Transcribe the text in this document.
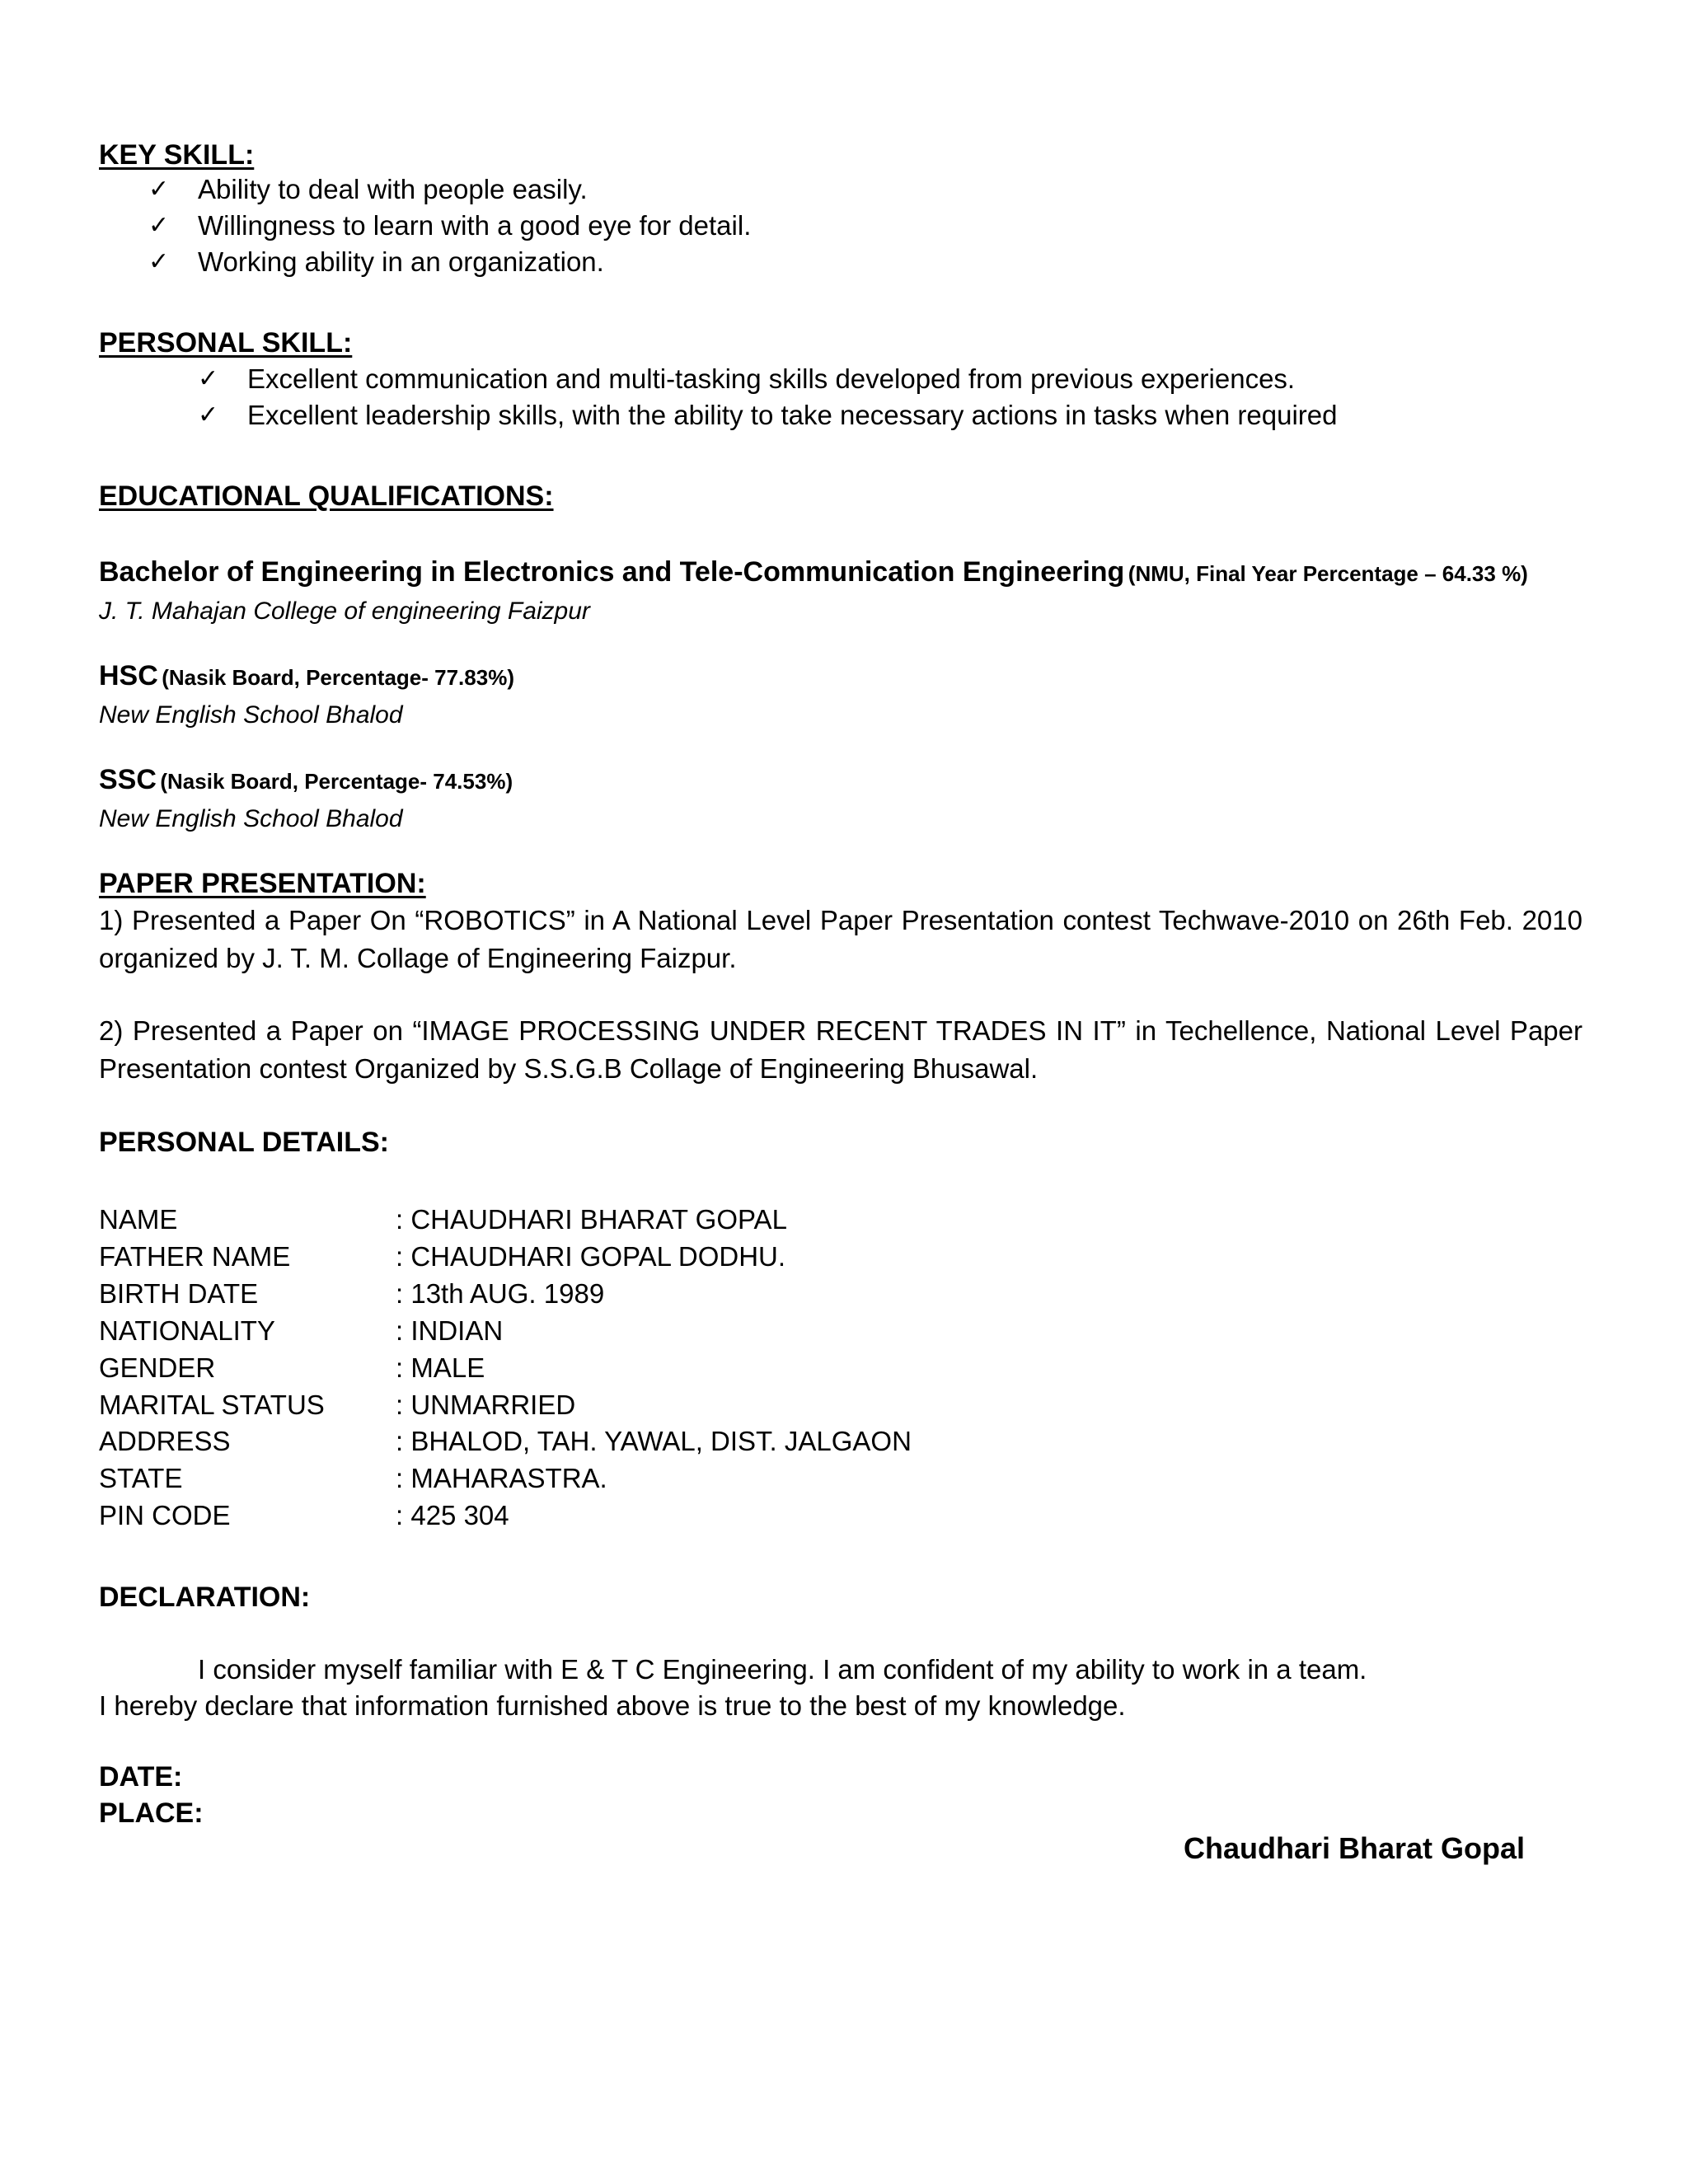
KEY SKILL:
✓ Ability to deal with people easily.
✓ Willingness to learn with a good eye for detail.
✓ Working ability in an organization.
PERSONAL SKILL:
✓ Excellent communication and multi-tasking skills developed from previous experiences.
✓ Excellent leadership skills, with the ability to take necessary actions in tasks when required
EDUCATIONAL QUALIFICATIONS:
Bachelor of Engineering in Electronics and Tele-Communication Engineering (NMU, Final Year Percentage – 64.33 %)
J. T. Mahajan College of engineering Faizpur
HSC (Nasik Board, Percentage- 77.83%)
New English School Bhalod
SSC (Nasik Board, Percentage- 74.53%)
New English School Bhalod
PAPER PRESENTATION:
1) Presented a Paper On “ROBOTICS” in A National Level Paper Presentation contest Techwave-2010 on 26th Feb. 2010
organized by J. T. M. Collage of Engineering Faizpur.
2) Presented a Paper on “IMAGE PROCESSING UNDER RECENT TRADES IN IT” in Techellence, National Level Paper
Presentation contest Organized by S.S.G.B Collage of Engineering Bhusawal.
PERSONAL DETAILS:
NAME	: CHAUDHARI BHARAT GOPAL
FATHER NAME	: CHAUDHARI GOPAL DODHU.
BIRTH DATE	: 13th AUG. 1989
NATIONALITY	: INDIAN
GENDER	: MALE
MARITAL STATUS	: UNMARRIED
ADDRESS	: BHALOD, TAH. YAWAL, DIST. JALGAON
STATE	: MAHARASTRA.
PIN CODE	: 425 304
DECLARATION:
I consider myself familiar with E & T C Engineering. I am confident of my ability to work in a team.
I hereby declare that information furnished above is true to the best of my knowledge.
DATE:
PLACE:
Chaudhari Bharat Gopal
